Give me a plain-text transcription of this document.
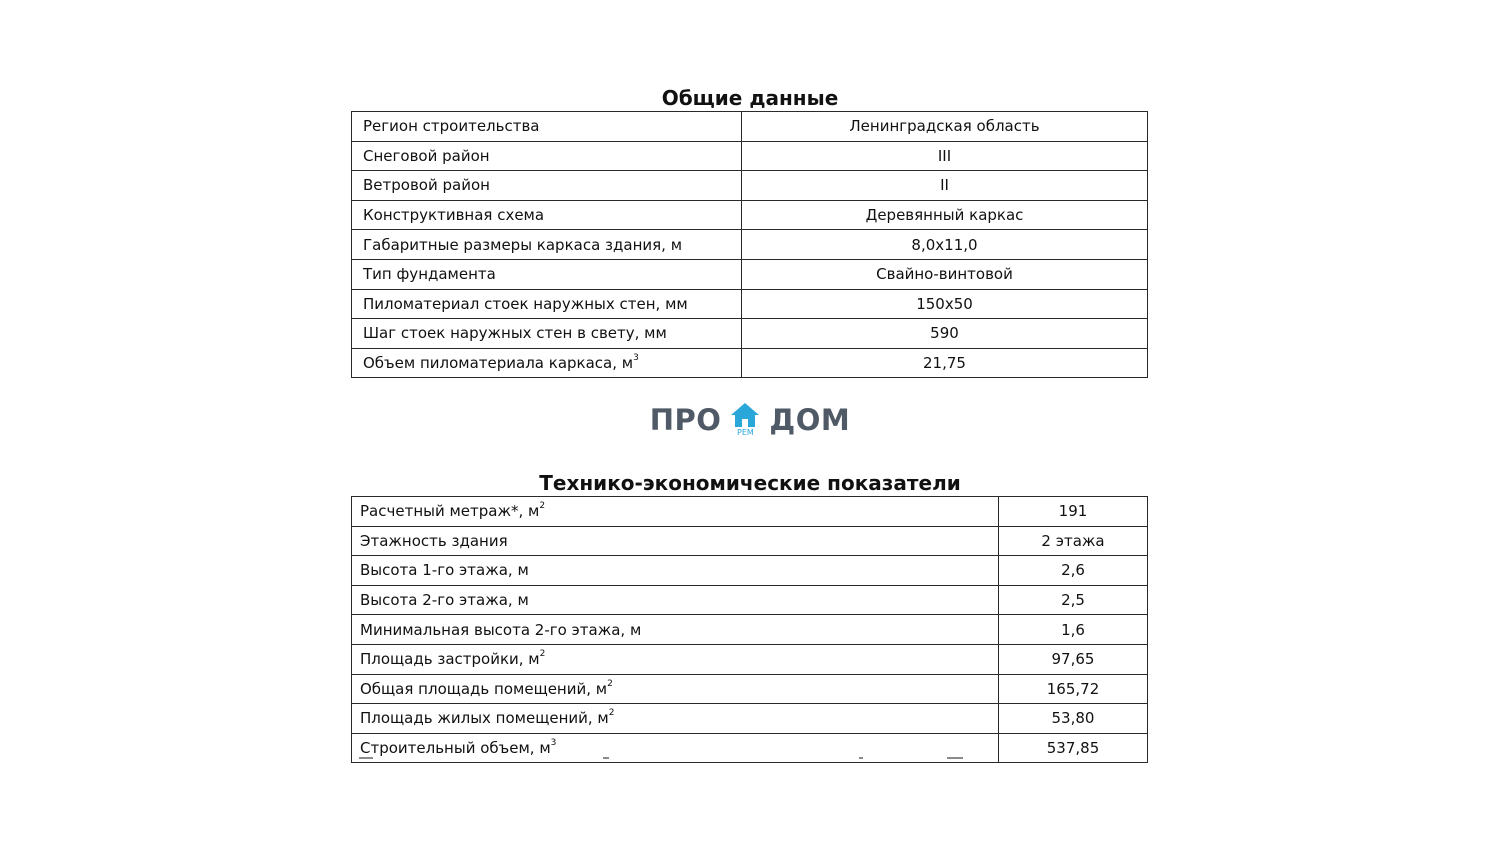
Общие данные
Регион строительства	Ленинградская область
Снеговой район	III
Ветровой район	II
Конструктивная схема	Деревянный каркас
Габаритные размеры каркаса здания, м	8,0x11,0
Тип фундамента	Свайно-винтовой
Пиломатериал стоек наружных стен, мм	150x50
Шаг стоек наружных стен в свету, мм	590
Объем пиломатериала каркаса, $м^3$	21,75
ПРО РЕМ ДОМ
Технико-экономические показатели
Расчетный метраж*, $м^2$	191
Этажность здания	2 этажа
Высота 1-го этажа, м	2,6
Высота 2-го этажа, м	2,5
Минимальная высота 2-го этажа, м	1,6
Площадь застройки, $м^2$	97,65
Общая площадь помещений, $м^2$	165,72
Площадь жилых помещений, $м^2$	53,80
Строительный объем, $м^3$	537,85
